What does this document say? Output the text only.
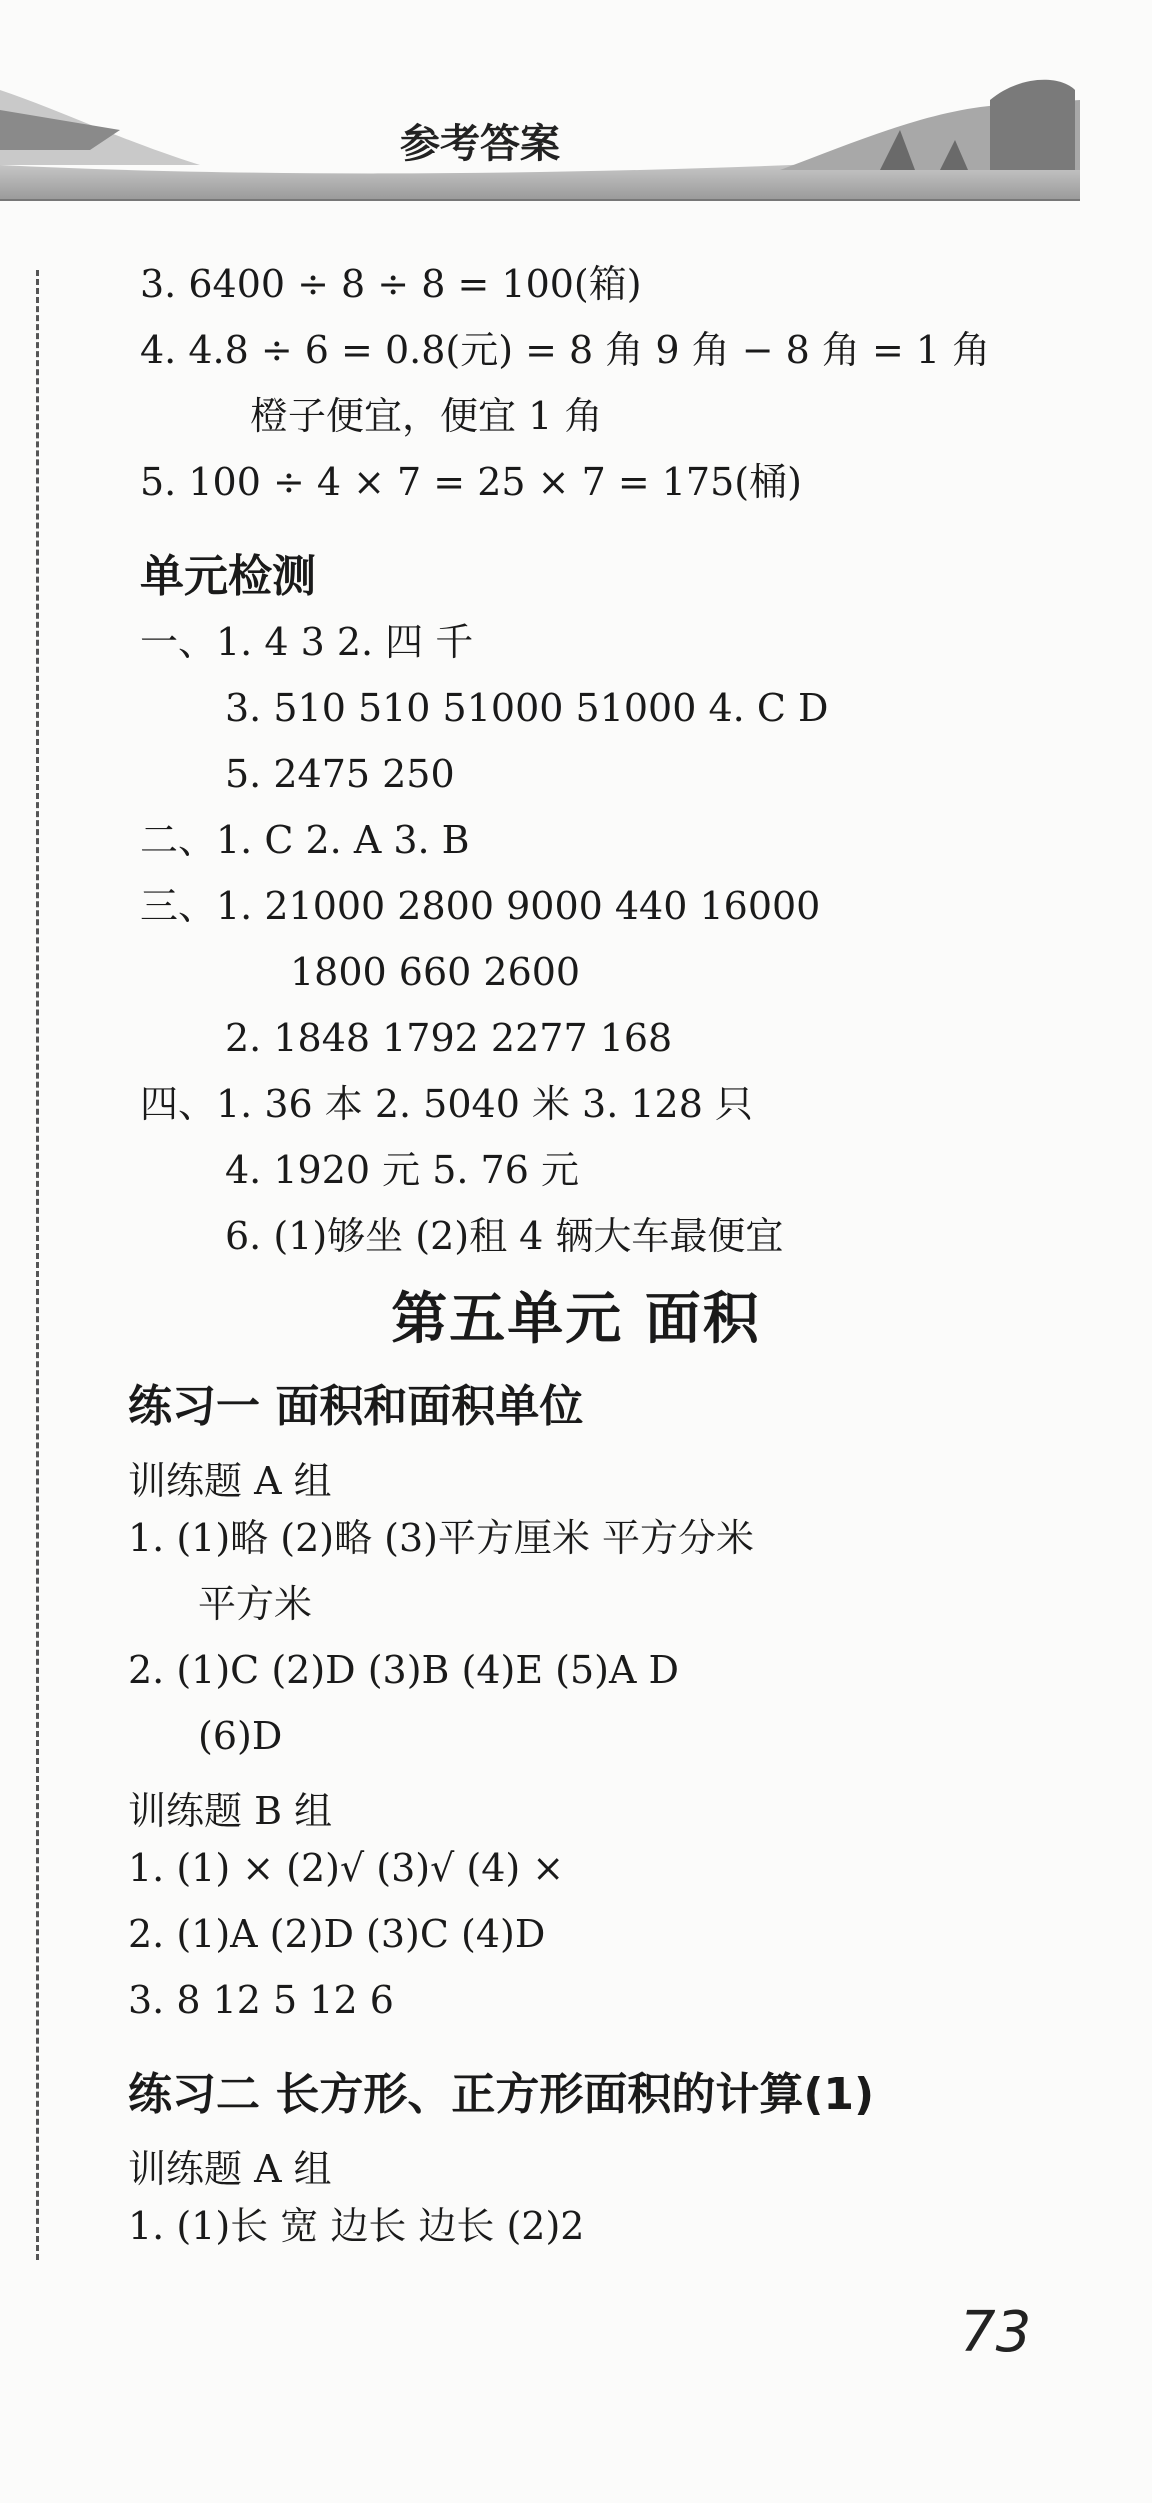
参考答案
3. 6400 ÷ 8 ÷ 8 = 100(箱)
4. 4.8 ÷ 6 = 0.8(元) = 8 角 9 角 − 8 角 = 1 角
橙子便宜，便宜 1 角
5. 100 ÷ 4 × 7 = 25 × 7 = 175(桶)
单元检测
一、1. 4 3 2. 四 千
3. 510 510 51000 51000 4. C D
5. 2475 250
二、1. C 2. A 3. B
三、1. 21000 2800 9000 440 16000
1800 660 2600
2. 1848 1792 2277 168
四、1. 36 本 2. 5040 米 3. 128 只
4. 1920 元 5. 76 元
6. (1)够坐 (2)租 4 辆大车最便宜
第五单元 面积
练习一 面积和面积单位
训练题 A 组
1. (1)略 (2)略 (3)平方厘米 平方分米
平方米
2. (1)C (2)D (3)B (4)E (5)A D
(6)D
训练题 B 组
1. (1) × (2)√ (3)√ (4) ×
2. (1)A (2)D (3)C (4)D
3. 8 12 5 12 6
练习二 长方形、正方形面积的计算(1)
训练题 A 组
1. (1)长 宽 边长 边长 (2)2
73
